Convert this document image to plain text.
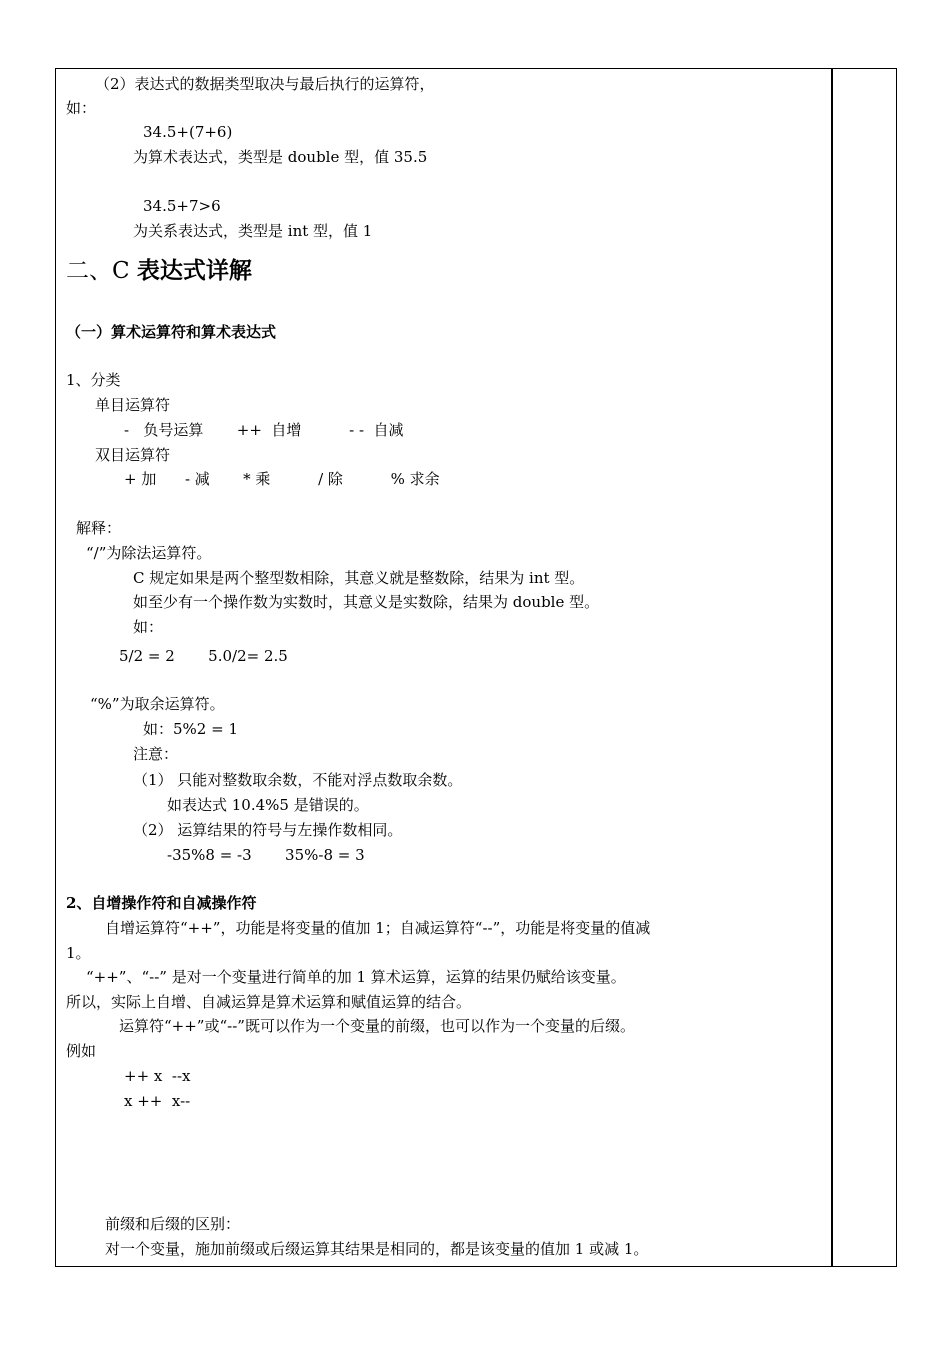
（2）表达式的数据类型取决与最后执行的运算符，
如：
34.5+(7+6)
为算术表达式，类型是 double 型，值 35.5
34.5+7>6
为关系表达式，类型是 int 型，值 1
二、C 表达式详解
（一）算术运算符和算术表达式
1、分类
单目运算符
-   负号运算       ++  自增          - -  自减
双目运算符
+ 加      - 减       * 乘          / 除          % 求余
解释：
“/”为除法运算符。
C 规定如果是两个整型数相除，其意义就是整数除，结果为 int 型。
如至少有一个操作数为实数时，其意义是实数除，结果为 double 型。
如：
5/2 = 2       5.0/2= 2.5
“%”为取余运算符。
如：5%2 = 1
注意：
（1） 只能对整数取余数，不能对浮点数取余数。
如表达式 10.4%5 是错误的。
（2） 运算结果的符号与左操作数相同。
-35%8 = -3       35%-8 = 3
2、自增操作符和自减操作符
自增运算符“++”，功能是将变量的值加 1；自减运算符“--”，功能是将变量的值减
1。
“++”、“--” 是对一个变量进行简单的加 1 算术运算，运算的结果仍赋给该变量。
所以，实际上自增、自减运算是算术运算和赋值运算的结合。
运算符“++”或“--”既可以作为一个变量的前缀，也可以作为一个变量的后缀。
例如
++ x  --x
x ++  x--
前缀和后缀的区别：
对一个变量，施加前缀或后缀运算其结果是相同的，都是该变量的值加 1 或减 1。
